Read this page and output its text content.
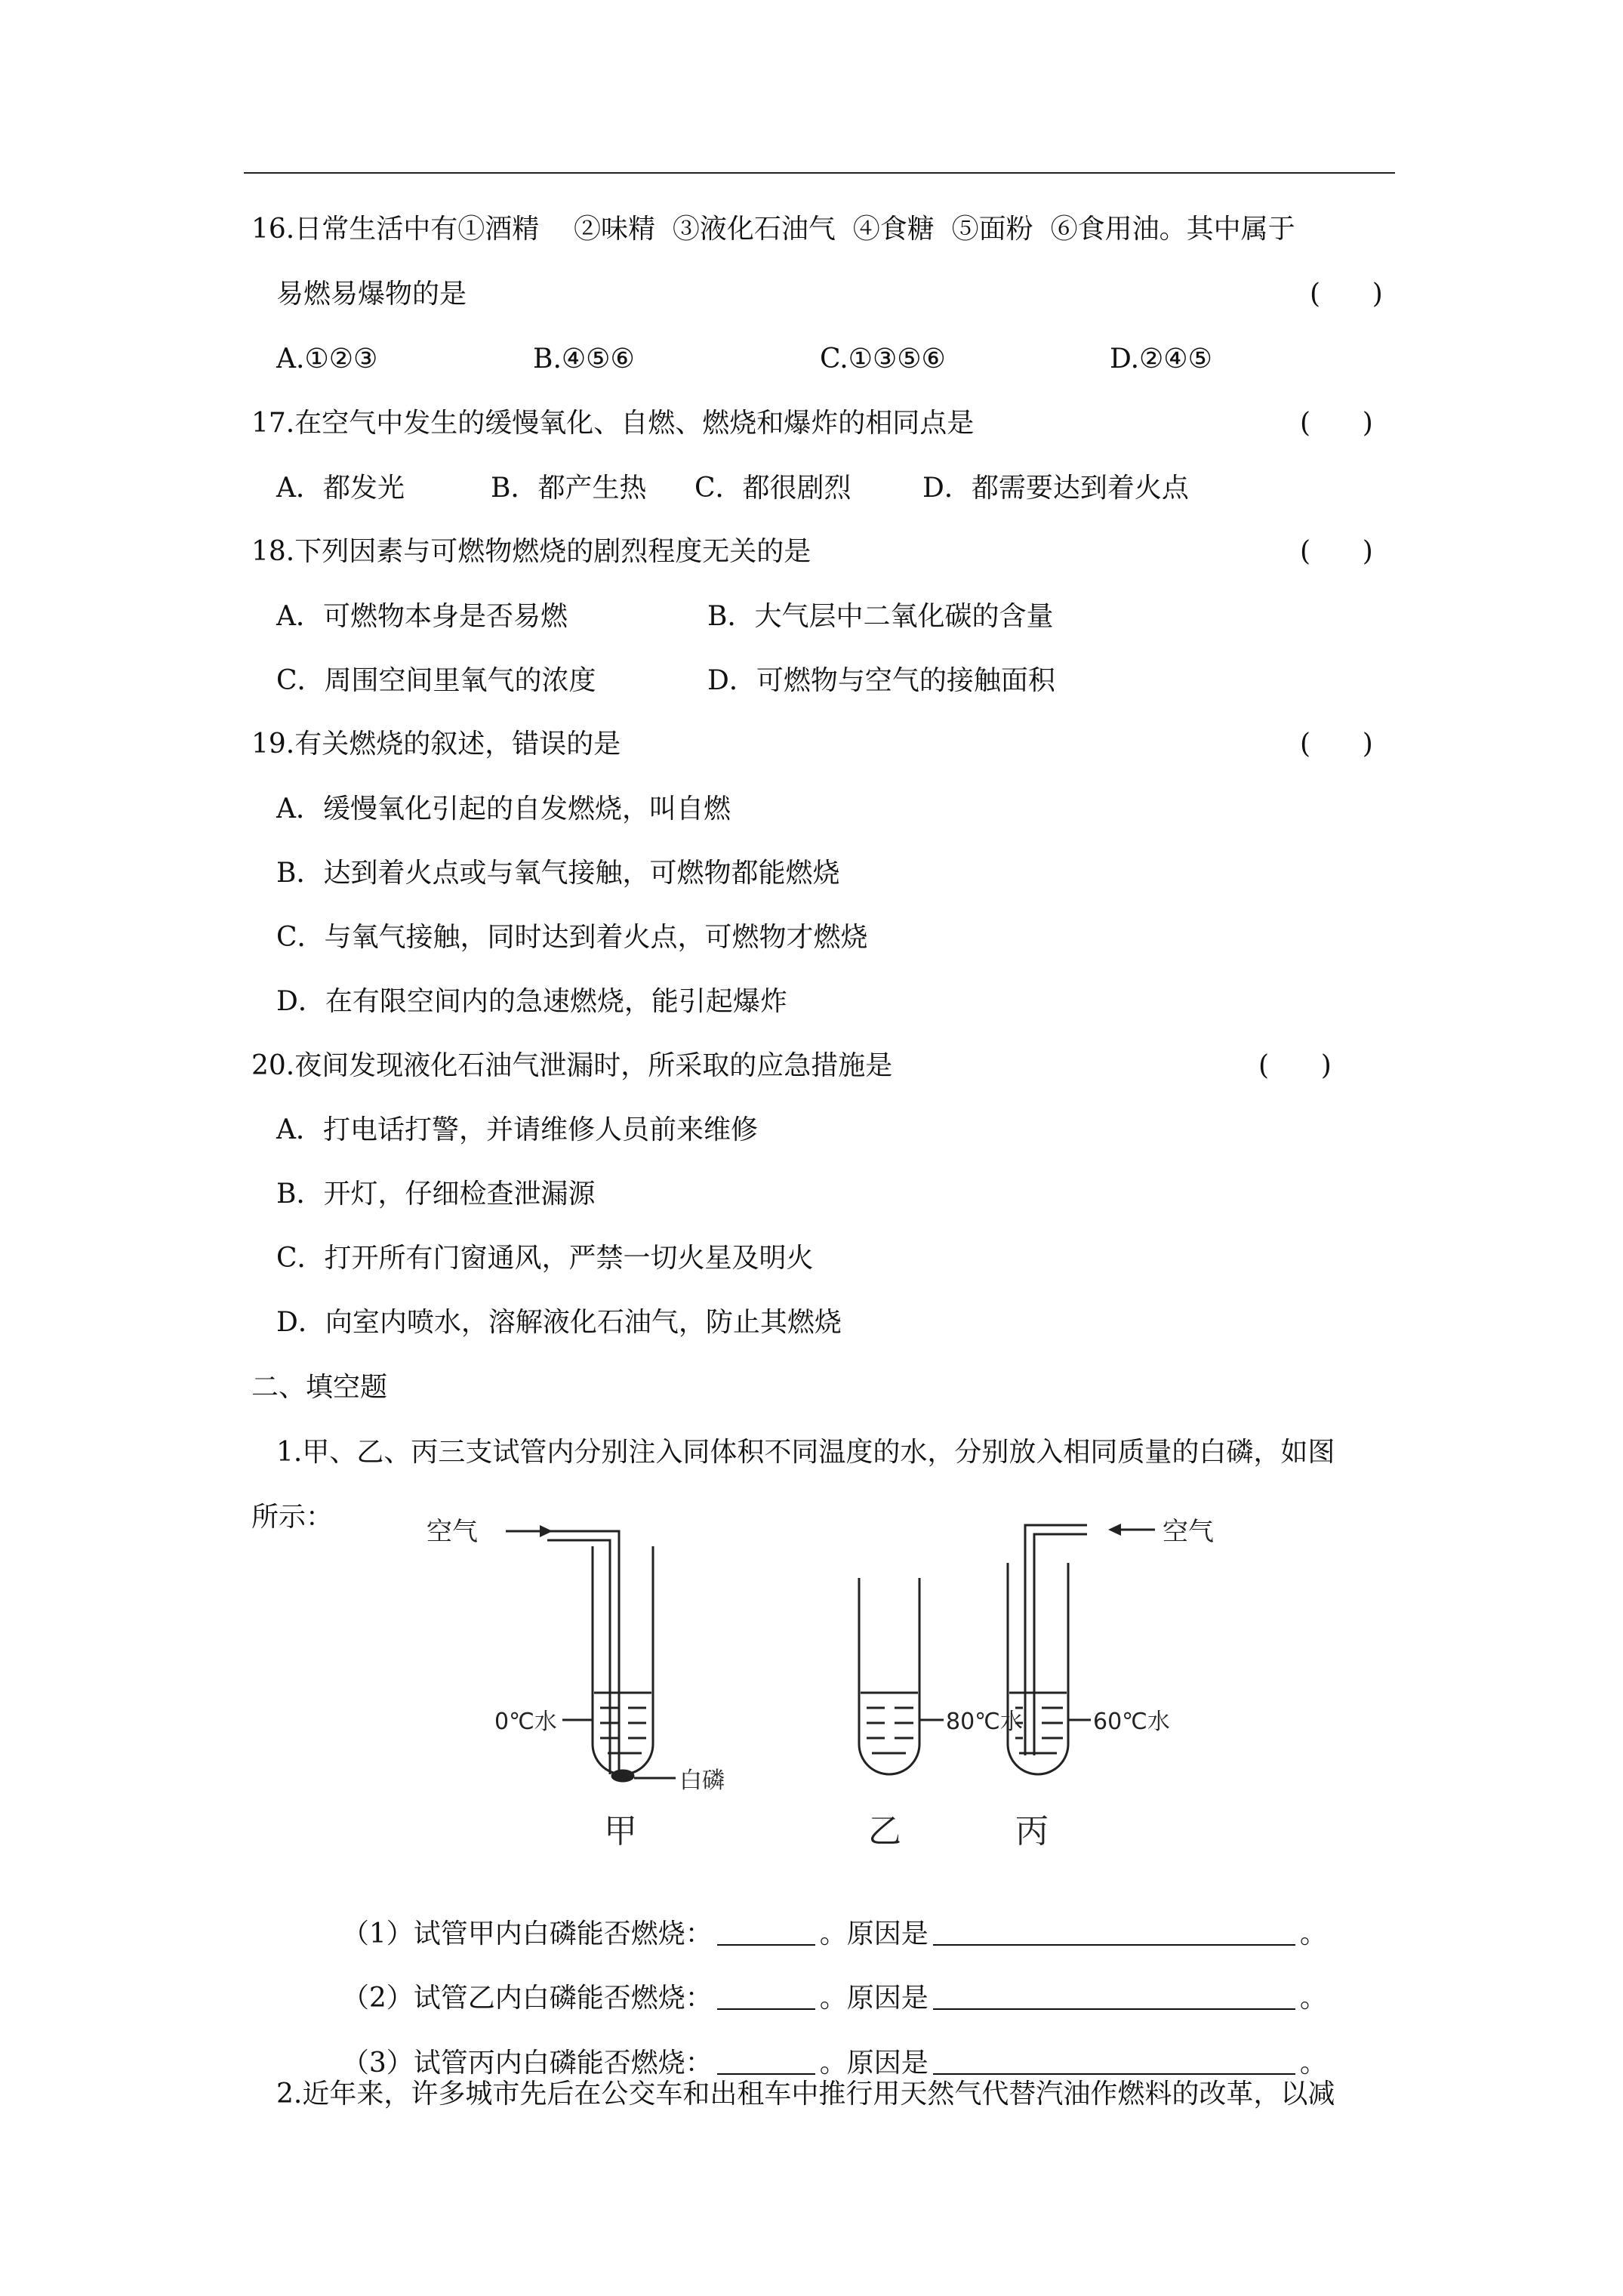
16.日常生活中有①酒精    ②味精  ③液化石油气  ④食糖  ⑤面粉  ⑥食用油。其中属于
易燃易爆物的是	(      )
A.①②③	B.④⑤⑥	C.①③⑤⑥	D.②④⑤
17.在空气中发生的缓慢氧化、自燃、燃烧和爆炸的相同点是	(      )
A．都发光	B．都产生热 C．都很剧烈	D．都需要达到着火点
18.下列因素与可燃物燃烧的剧烈程度无关的是	(      )
A．可燃物本身是否易燃	B．大气层中二氧化碳的含量
C．周围空间里氧气的浓度	D．可燃物与空气的接触面积
19.有关燃烧的叙述，错误的是	(      )
A．缓慢氧化引起的自发燃烧，叫自燃
B．达到着火点或与氧气接触，可燃物都能燃烧
C．与氧气接触，同时达到着火点，可燃物才燃烧
D．在有限空间内的急速燃烧，能引起爆炸
20.夜间发现液化石油气泄漏时，所采取的应急措施是	(      )
A．打电话打警，并请维修人员前来维修
B．开灯，仔细检查泄漏源
C．打开所有门窗通风，严禁一切火星及明火
D．向室内喷水，溶解液化石油气，防止其燃烧
二、填空题
1.甲、乙、丙三支试管内分别注入同体积不同温度的水，分别放入相同质量的白磷，如图
所示：	空气	空气
0℃水
白磷
80℃水	60℃水
甲	乙	丙

（1）试管甲内白磷能否燃烧：	。原因是	。

（2）试管乙内白磷能否燃烧：	。原因是	。

（3）试管丙内白磷能否燃烧：	。原因是	。

2.近年来，许多城市先后在公交车和出租车中推行用天然气代替汽油作燃料的改革，以减
